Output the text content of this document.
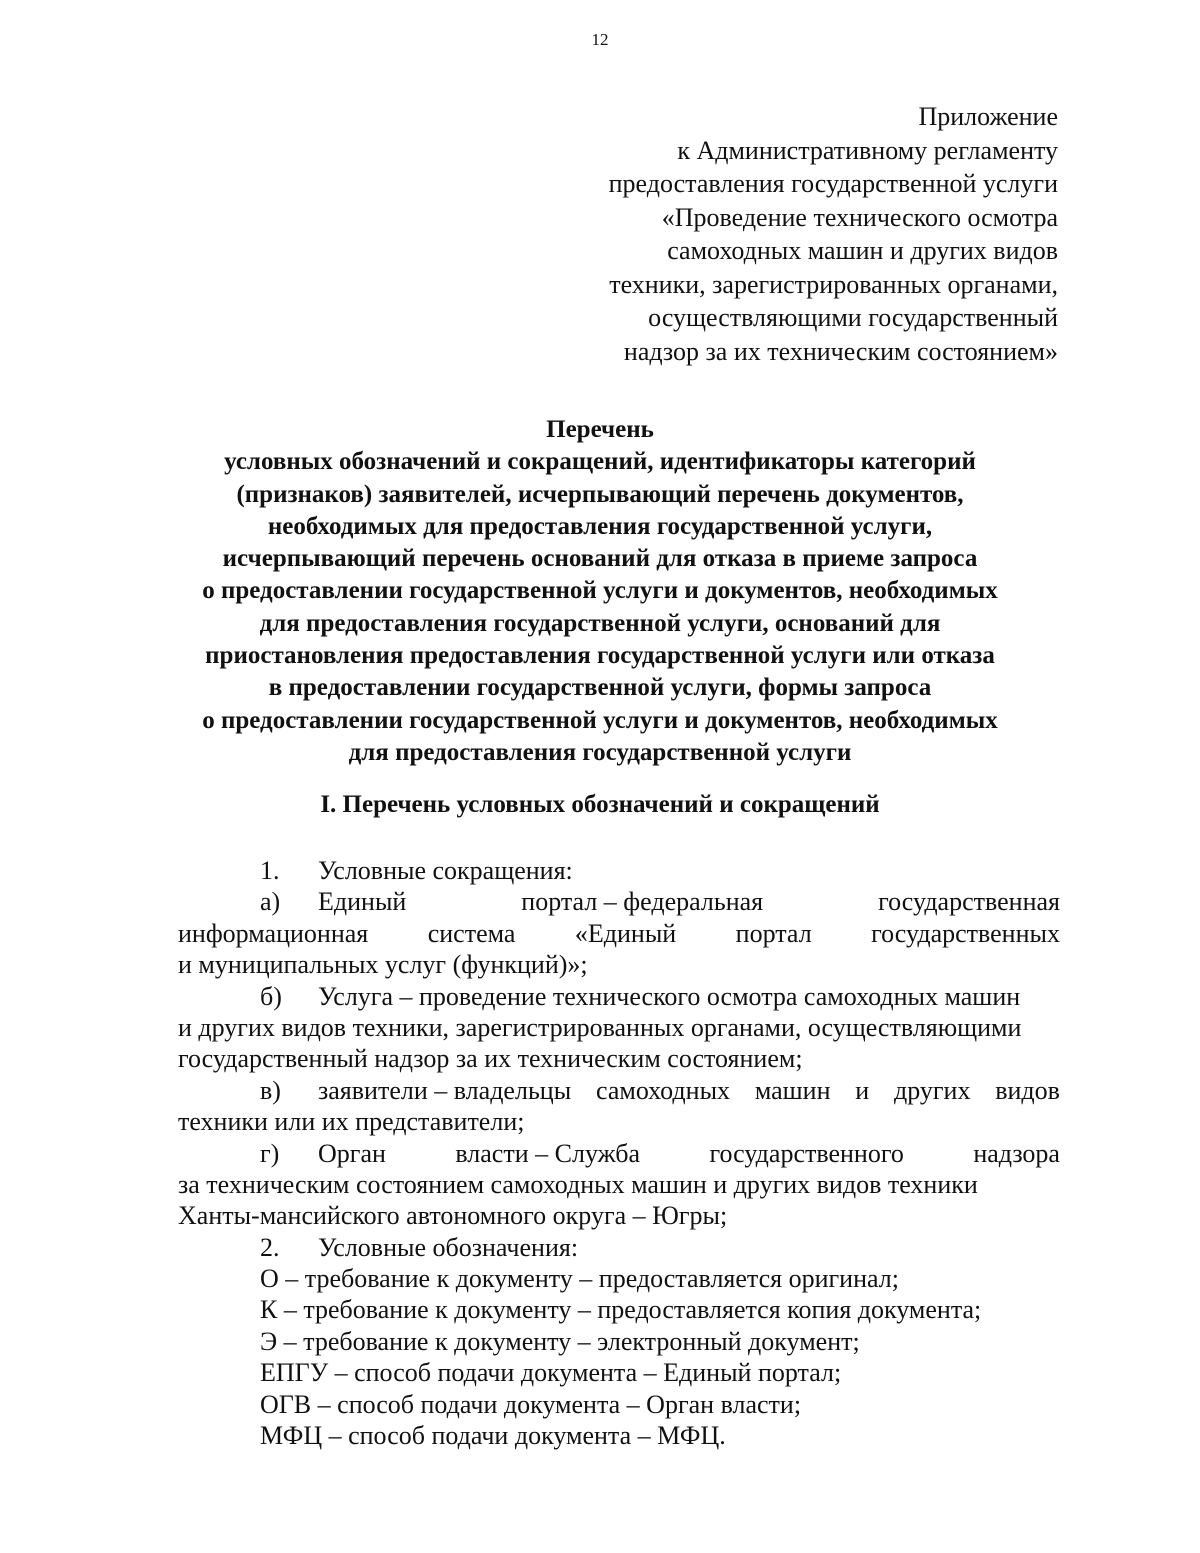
12
Приложение
к Административному регламенту
предоставления государственной услуги
«Проведение технического осмотра
самоходных машин и других видов
техники, зарегистрированных органами,
осуществляющими государственный
надзор за их техническим состоянием»
Перечень
условных обозначений и сокращений, идентификаторы категорий
(признаков) заявителей, исчерпывающий перечень документов,
необходимых для предоставления государственной услуги,
исчерпывающий перечень оснований для отказа в приеме запроса
о предоставлении государственной услуги и документов, необходимых
для предоставления государственной услуги, оснований для
приостановления предоставления государственной услуги или отказа
в предоставлении государственной услуги, формы запроса
о предоставлении государственной услуги и документов, необходимых
для предоставления государственной услуги
I. Перечень условных обозначений и сокращений
1. Условные сокращения:
а) Единый	портал – федеральная	государственная
информационная система «Единый портал государственных
и муниципальных услуг (функций)»;
б) Услуга – проведение технического осмотра самоходных машин
и других видов техники, зарегистрированных органами, осуществляющими
государственный надзор за их техническим состоянием;
в) заявители – владельцы самоходных машин и других видов
техники или их представители;
г) Орган	власти – Служба	государственного	надзора
за техническим состоянием самоходных машин и других видов техники
Ханты-мансийского автономного округа – Югры;
2. Условные обозначения:
О – требование к документу – предоставляется оригинал;
К – требование к документу – предоставляется копия документа;
Э – требование к документу – электронный документ;
ЕПГУ – способ подачи документа – Единый портал;
ОГВ – способ подачи документа – Орган власти;
МФЦ – способ подачи документа – МФЦ.
